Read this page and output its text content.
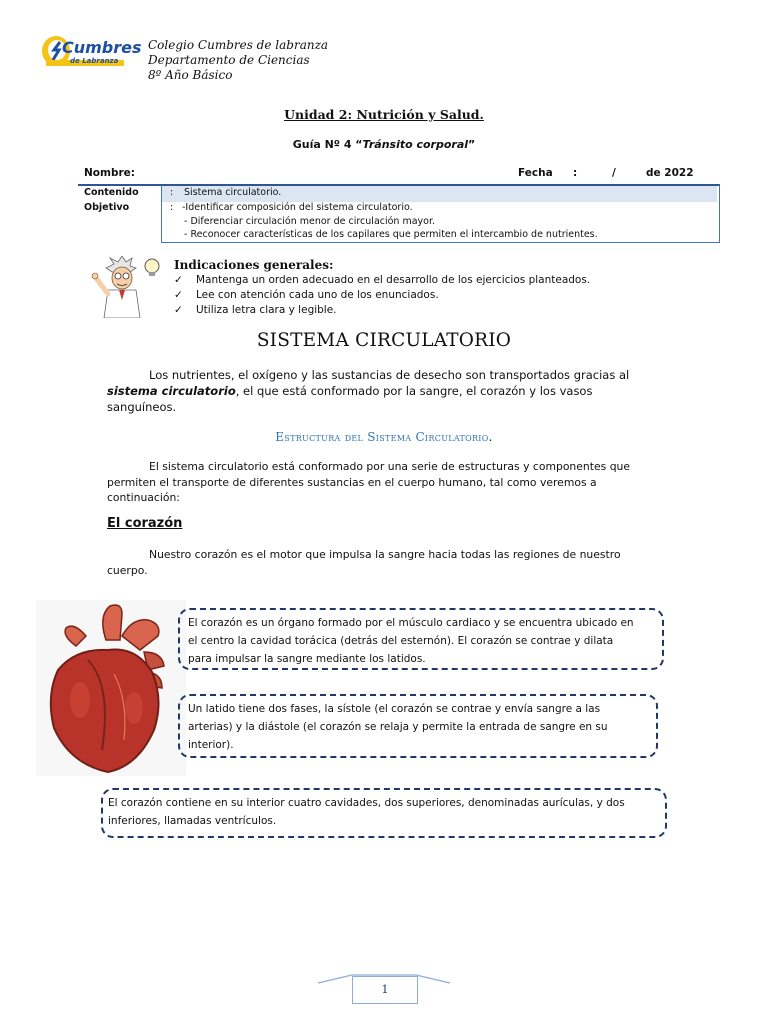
Cumbres
de Labranza
Colegio Cumbres de labranza
Departamento de Ciencias
8º Año Básico
Unidad 2: Nutrición y Salud.
Guía Nº 4 “Tránsito corporal”
Nombre:	Fecha :	/	de 2022
Contenido	: Sistema circulatorio.
Objetivo	: -Identificar composición del sistema circulatorio.
- Diferenciar circulación menor de circulación mayor.
- Reconocer características de los capilares que permiten el intercambio de nutrientes.
Indicaciones generales:
✓ Mantenga un orden adecuado en el desarrollo de los ejercicios planteados.
✓ Lee con atención cada uno de los enunciados.
✓ Utiliza letra clara y legible.
SISTEMA CIRCULATORIO
Los nutrientes, el oxígeno y las sustancias de desecho son transportados gracias al
sistema circulatorio, el que está conformado por la sangre, el corazón y los vasos
sanguíneos.
Estructura del Sistema Circulatorio.
El sistema circulatorio está conformado por una serie de estructuras y componentes que
permiten el transporte de diferentes sustancias en el cuerpo humano, tal como veremos a
continuación:
El corazón
Nuestro corazón es el motor que impulsa la sangre hacia todas las regiones de nuestro
cuerpo.
El corazón es un órgano formado por el músculo cardiaco y se encuentra ubicado en
el centro la cavidad torácica (detrás del esternón). El corazón se contrae y dilata
para impulsar la sangre mediante los latidos.
Un latido tiene dos fases, la sístole (el corazón se contrae y envía sangre a las
arterias) y la diástole (el corazón se relaja y permite la entrada de sangre en su
interior).
El corazón contiene en su interior cuatro cavidades, dos superiores, denominadas aurículas, y dos
inferiores, llamadas ventrículos.
1
